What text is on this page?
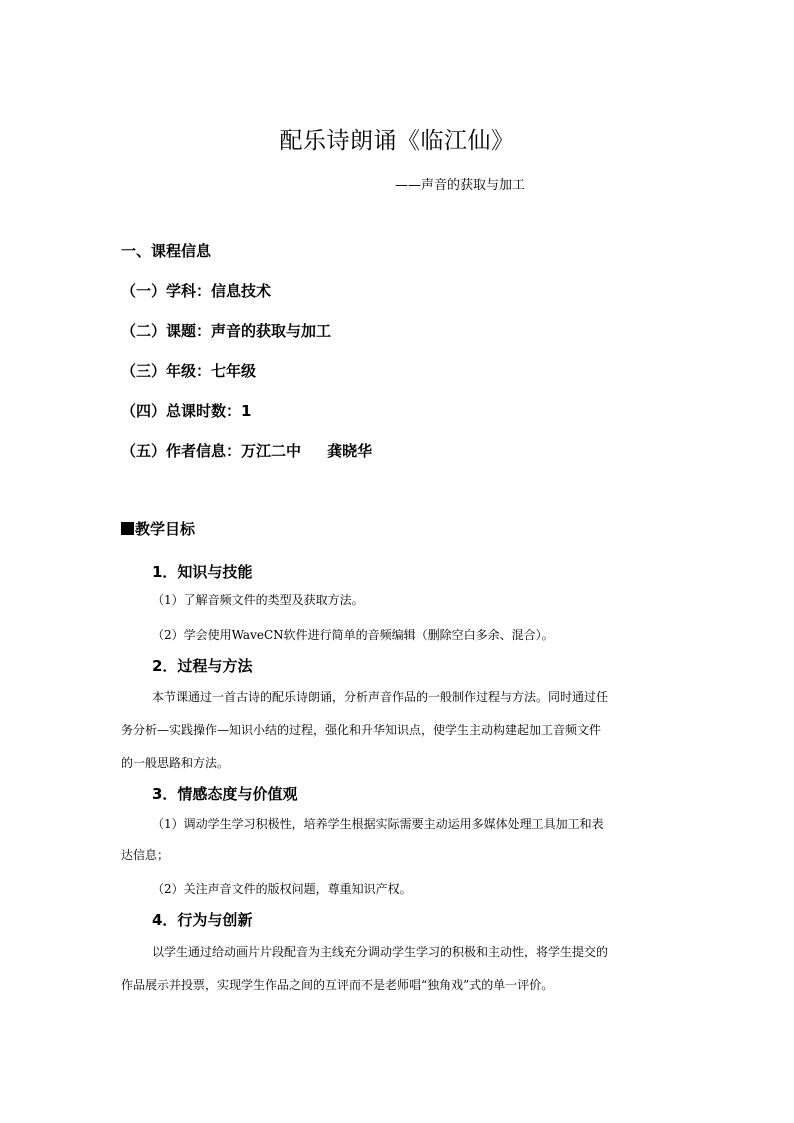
配乐诗朗诵《临江仙》
——声音的获取与加工
一、课程信息
（一）学科：信息技术
（二）课题：声音的获取与加工
（三）年级：七年级
（四）总课时数：1
（五）作者信息：万江二中     龚晓华
教学目标
1．知识与技能
（1）了解音频文件的类型及获取方法。
（2）学会使用WaveCN软件进行简单的音频编辑（删除空白多余、混合）。
2．过程与方法
本节课通过一首古诗的配乐诗朗诵，分析声音作品的一般制作过程与方法。同时通过任
务分析—实践操作—知识小结的过程，强化和升华知识点，使学生主动构建起加工音频文件
的一般思路和方法。
3．情感态度与价值观
（1）调动学生学习积极性，培养学生根据实际需要主动运用多媒体处理工具加工和表
达信息；
（2）关注声音文件的版权问题，尊重知识产权。
4．行为与创新
以学生通过给动画片片段配音为主线充分调动学生学习的积极和主动性，将学生提交的
作品展示并投票，实现学生作品之间的互评而不是老师唱“独角戏”式的单一评价。
